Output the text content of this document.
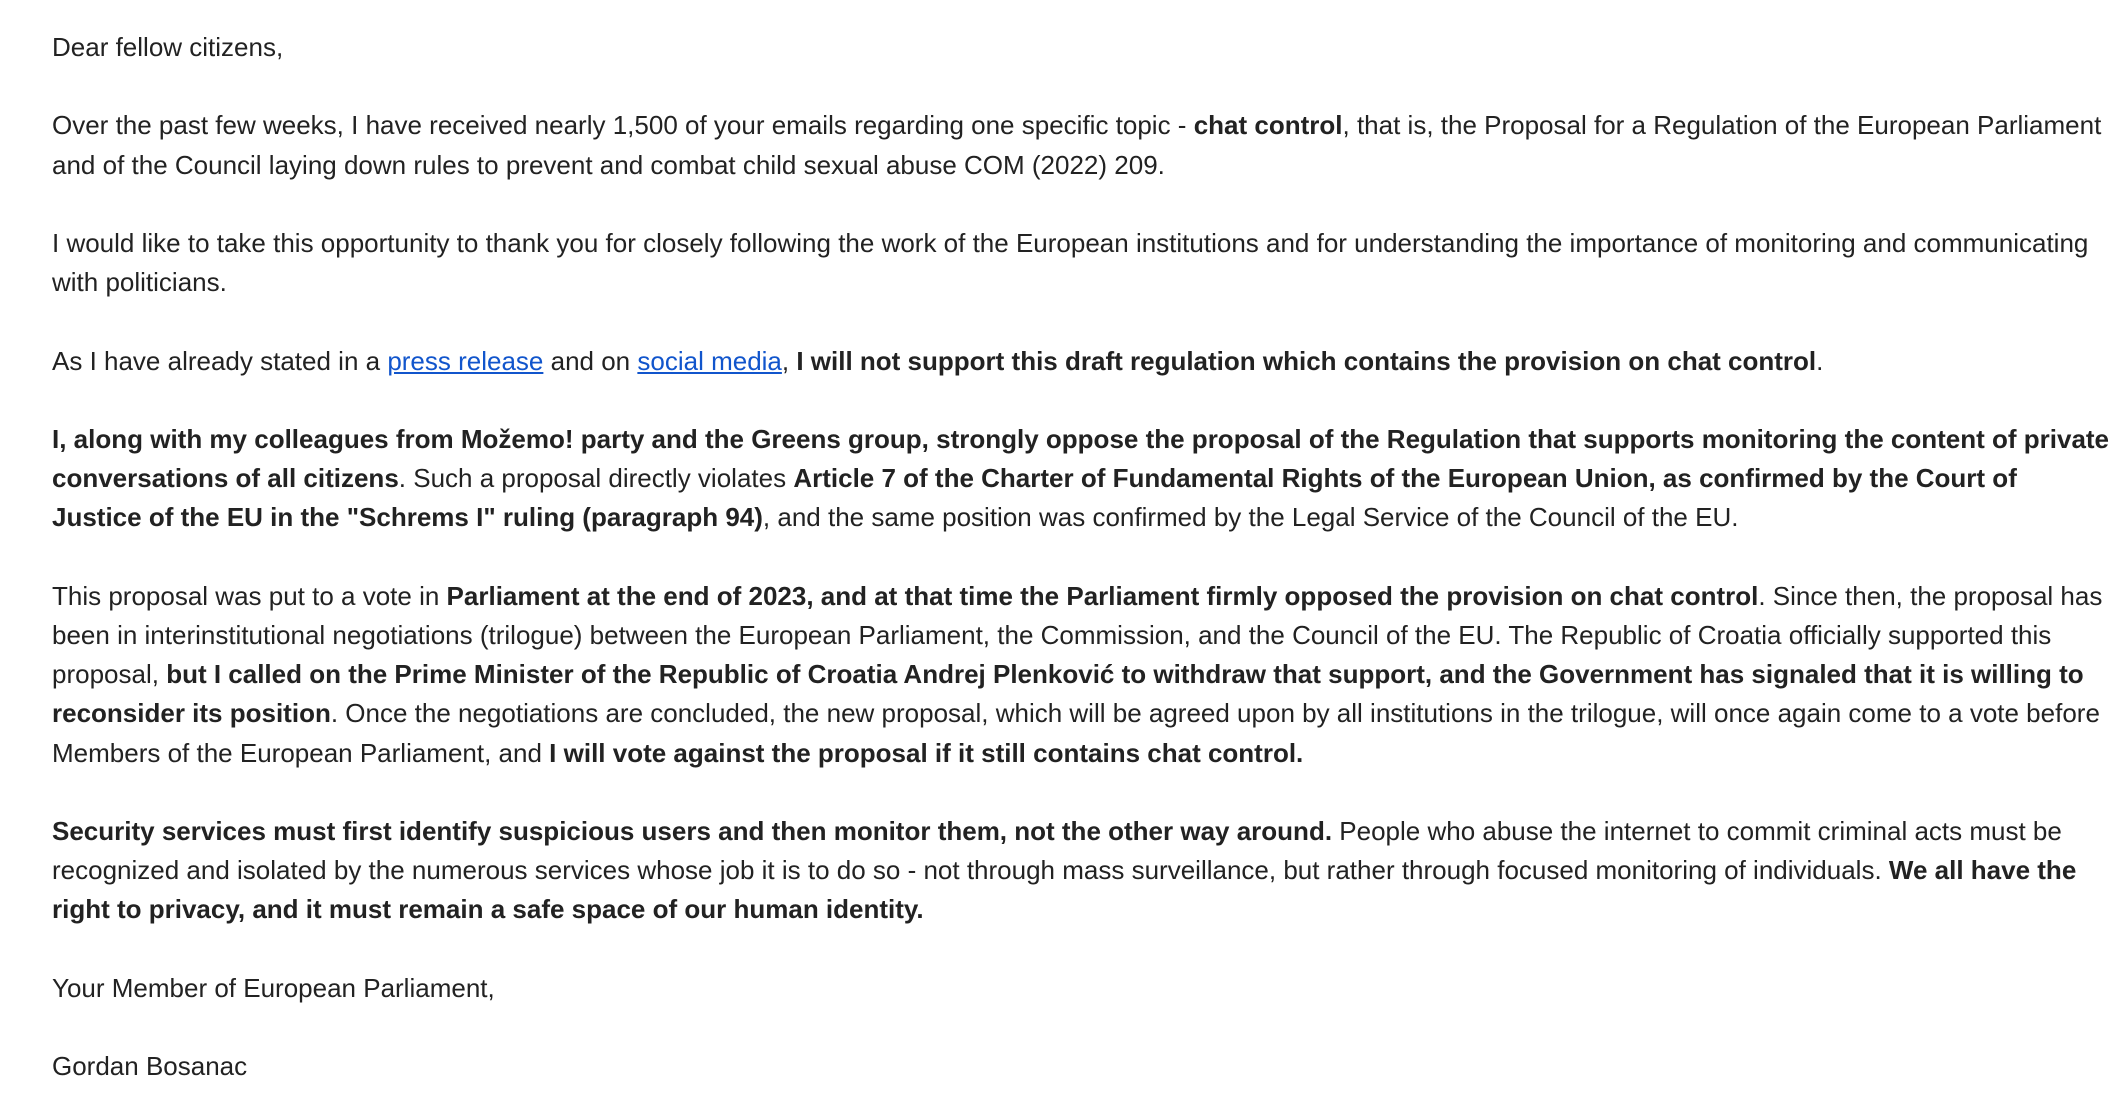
Dear fellow citizens,

Over the past few weeks, I have received nearly 1,500 of your emails regarding one specific topic - chat control, that is, the Proposal for a Regulation of the European Parliament and of the Council laying down rules to prevent and combat child sexual abuse COM (2022) 209.

I would like to take this opportunity to thank you for closely following the work of the European institutions and for understanding the importance of monitoring and communicating with politicians.

As I have already stated in a press release and on social media, I will not support this draft regulation which contains the provision on chat control.

I, along with my colleagues from Možemo! party and the Greens group, strongly oppose the proposal of the Regulation that supports monitoring the content of private conversations of all citizens. Such a proposal directly violates Article 7 of the Charter of Fundamental Rights of the European Union, as confirmed by the Court of Justice of the EU in the "Schrems I" ruling (paragraph 94), and the same position was confirmed by the Legal Service of the Council of the EU.

This proposal was put to a vote in Parliament at the end of 2023, and at that time the Parliament firmly opposed the provision on chat control. Since then, the proposal has been in interinstitutional negotiations (trilogue) between the European Parliament, the Commission, and the Council of the EU. The Republic of Croatia officially supported this proposal, but I called on the Prime Minister of the Republic of Croatia Andrej Plenković to withdraw that support, and the Government has signaled that it is willing to reconsider its position. Once the negotiations are concluded, the new proposal, which will be agreed upon by all institutions in the trilogue, will once again come to a vote before Members of the European Parliament, and I will vote against the proposal if it still contains chat control.

Security services must first identify suspicious users and then monitor them, not the other way around. People who abuse the internet to commit criminal acts must be recognized and isolated by the numerous services whose job it is to do so - not through mass surveillance, but rather through focused monitoring of individuals. We all have the right to privacy, and it must remain a safe space of our human identity.

Your Member of European Parliament,

Gordan Bosanac
